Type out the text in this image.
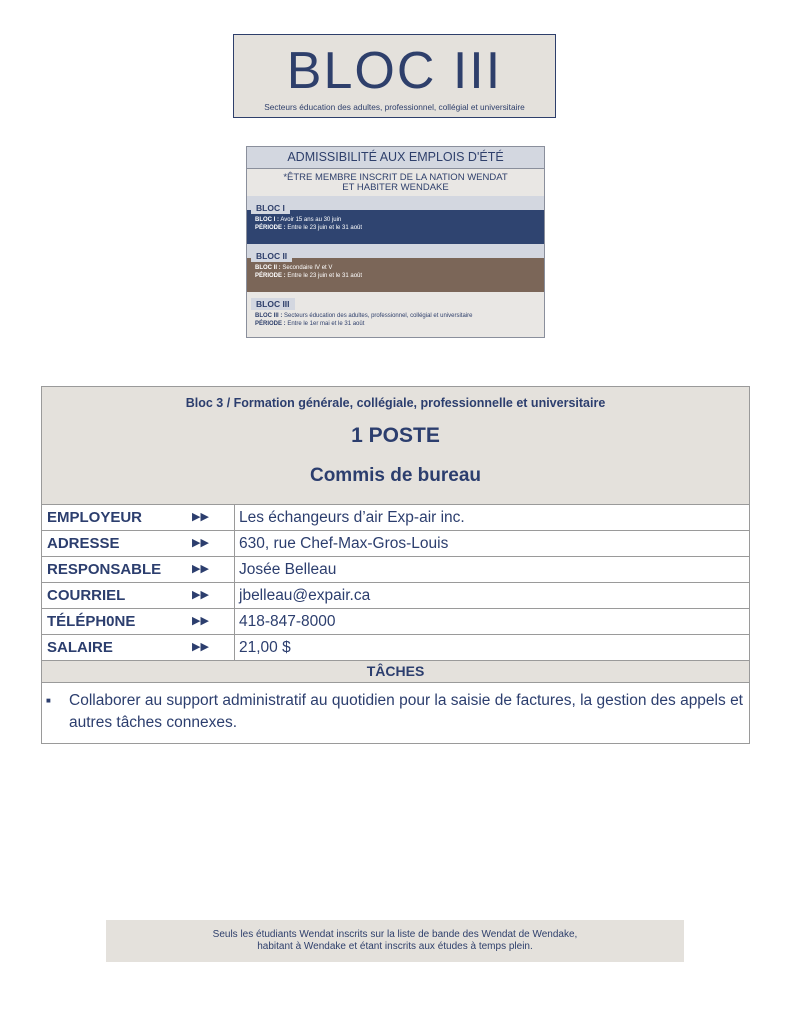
BLOC III
Secteurs éducation des adultes, professionnel, collégial et universitaire
ADMISSIBILITÉ AUX EMPLOIS D'ÉTÉ
*ÊTRE MEMBRE INSCRIT DE LA NATION WENDAT
ET HABITER WENDAKE
BLOC I
BLOC I : Avoir 15 ans au 30 juin
PÉRIODE : Entre le 23 juin et le 31 août
BLOC II
BLOC II : Secondaire IV et V
PÉRIODE : Entre le 23 juin et le 31 août
BLOC III
BLOC III : Secteurs éducation des adultes, professionnel, collégial et universitaire
PÉRIODE : Entre le 1er mai et le 31 août
Bloc 3 / Formation générale, collégiale, professionnelle et universitaire
1 POSTE
Commis de bureau
EMPLOYEUR	▶▶	Les échangeurs d’air Exp-air inc.
ADRESSE	▶▶	630, rue Chef-Max-Gros-Louis
RESPONSABLE	▶▶	Josée Belleau
COURRIEL	▶▶	jbelleau@expair.ca
TÉLÉPH0NE	▶▶	418-847-8000
SALAIRE	▶▶	21,00 $
TÂCHES
■	Collaborer au support administratif au quotidien pour la saisie de factures, la gestion des appels et autres tâches connexes.
Seuls les étudiants Wendat inscrits sur la liste de bande des Wendat de Wendake,
habitant à Wendake et étant inscrits aux études à temps plein.
